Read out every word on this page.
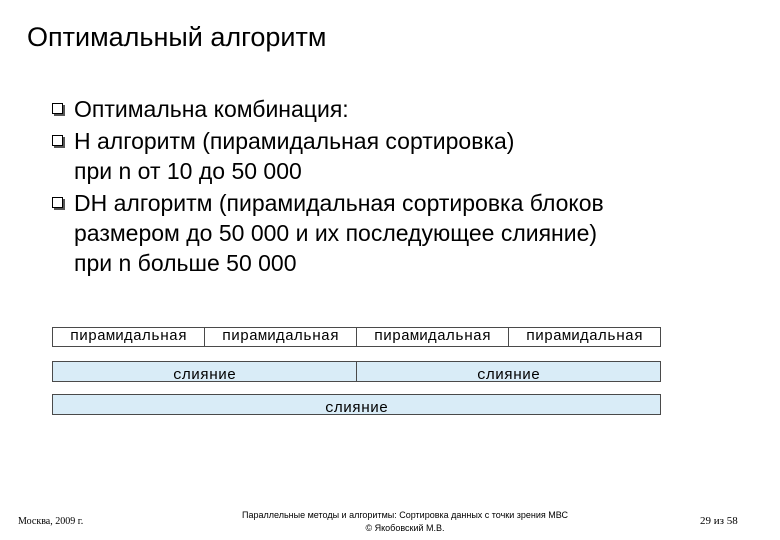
Оптимальный алгоритм
Оптимальна комбинация:
H алгоритм (пирамидальная сортировка)
при n от 10 до 50 000
DH алгоритм (пирамидальная сортировка блоков
размером до 50 000 и их последующее слияние)
при n больше 50 000
пирамидальная	пирамидальная	пирамидальная	пирамидальная
слияние	слияние
слияние
Москва, 2009 г.
Параллельные методы и алгоритмы: Сортировка данных с точки зрения МВС
© Якобовский М.В.
29 из 58
